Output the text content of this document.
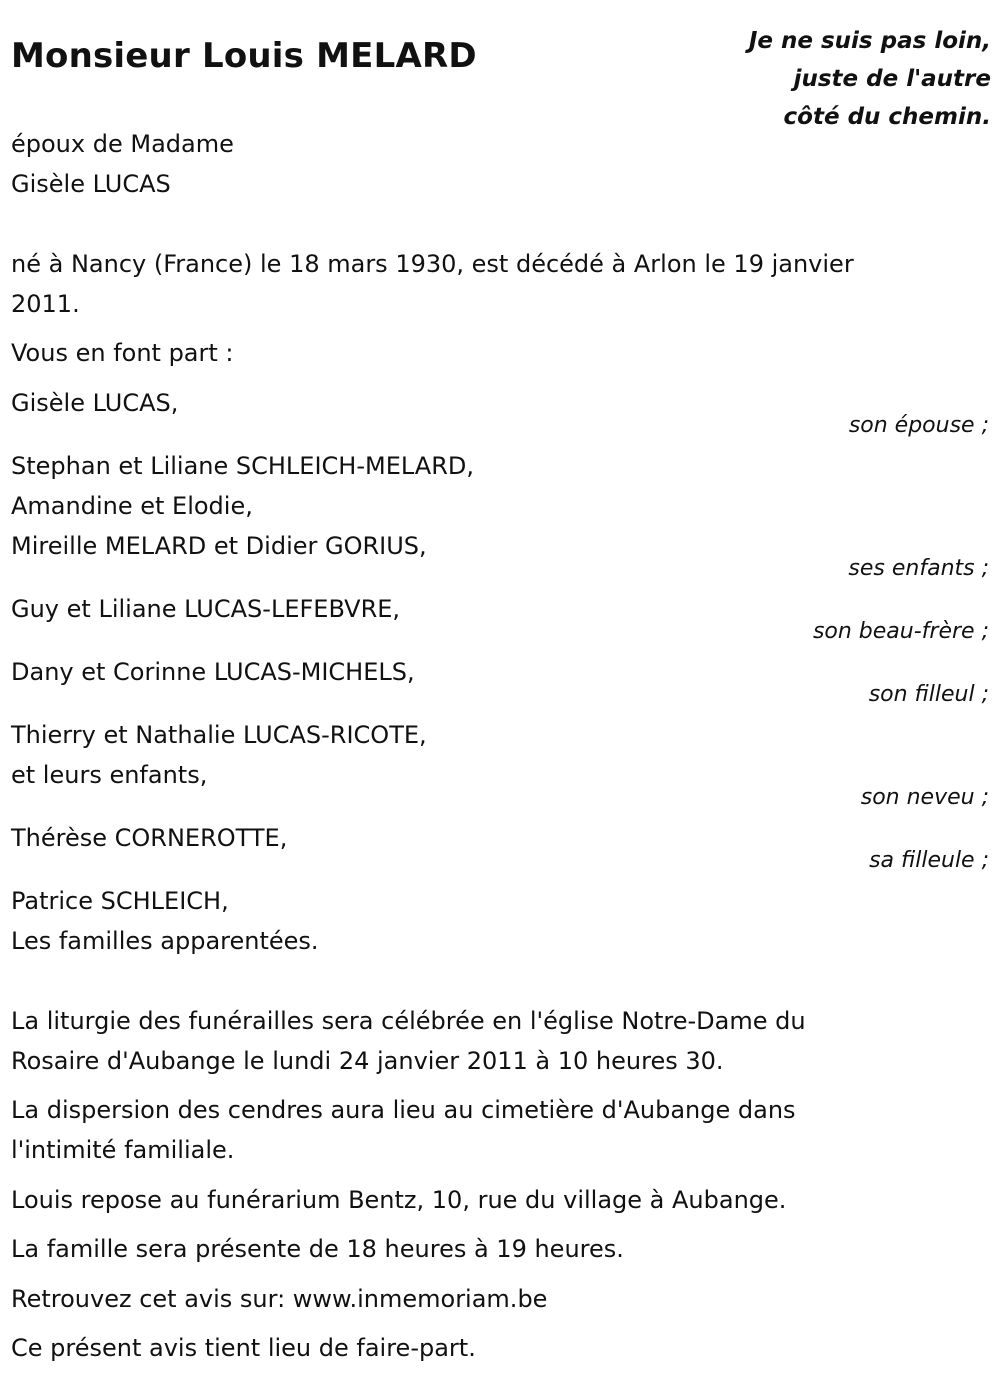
Monsieur Louis MELARD	Je ne suis pas loin,
juste de l'autre
côté du chemin.
époux de Madame
Gisèle LUCAS
né à Nancy (France) le 18 mars 1930, est décédé à Arlon le 19 janvier
2011.
Vous en font part :
Gisèle LUCAS,
son épouse ;
Stephan et Liliane SCHLEICH-MELARD,
Amandine et Elodie,
Mireille MELARD et Didier GORIUS,
ses enfants ;
Guy et Liliane LUCAS-LEFEBVRE,
son beau-frère ;
Dany et Corinne LUCAS-MICHELS,
son filleul ;
Thierry et Nathalie LUCAS-RICOTE,
et leurs enfants,
son neveu ;
Thérèse CORNEROTTE,
sa filleule ;
Patrice SCHLEICH,
Les familles apparentées.
La liturgie des funérailles sera célébrée en l'église Notre-Dame du
Rosaire d'Aubange le lundi 24 janvier 2011 à 10 heures 30.
La dispersion des cendres aura lieu au cimetière d'Aubange dans
l'intimité familiale.
Louis repose au funérarium Bentz, 10, rue du village à Aubange.
La famille sera présente de 18 heures à 19 heures.
Retrouvez cet avis sur: www.inmemoriam.be
Ce présent avis tient lieu de faire-part.
